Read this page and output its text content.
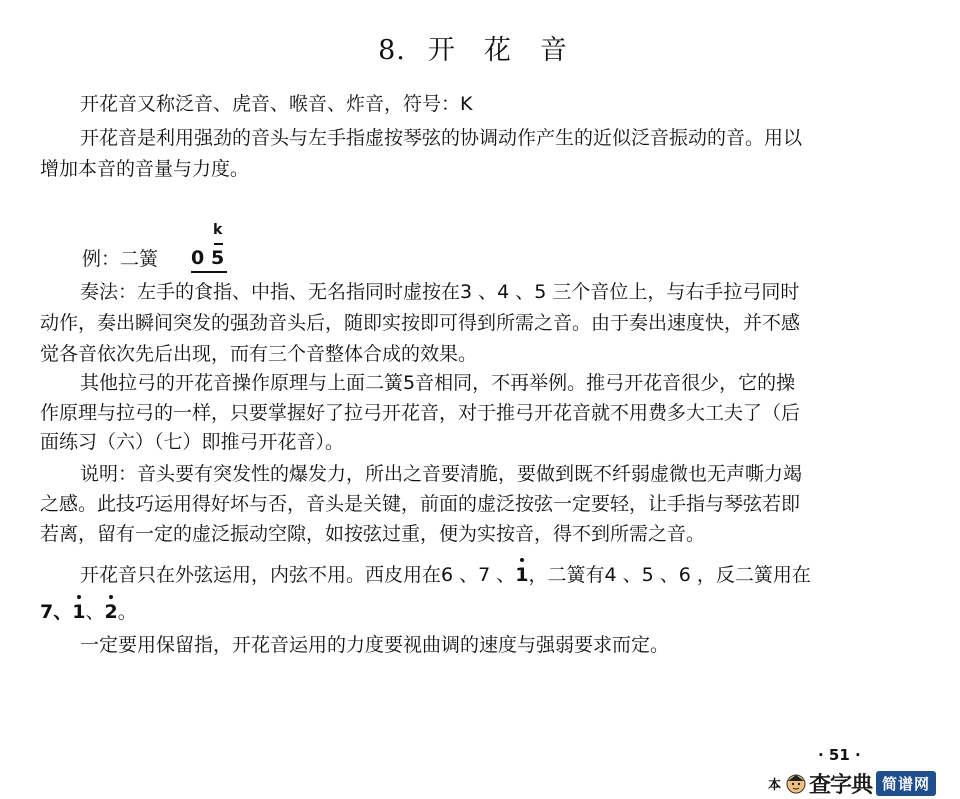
8. 开 花 音
开花音又称泛音、虎音、喉音、炸音，符号：K
开花音是利用强劲的音头与左手指虚按琴弦的协调动作产生的近似泛音振动的音。用以
增加本音的音量与力度。
例：二簧
k
0 5
奏法：左手的食指、中指、无名指同时虚按在3 、4 、5 三个音位上，与右手拉弓同时
动作，奏出瞬间突发的强劲音头后，随即实按即可得到所需之音。由于奏出速度快，并不感
觉各音依次先后出现，而有三个音整体合成的效果。
其他拉弓的开花音操作原理与上面二簧5音相同，不再举例。推弓开花音很少，它的操
作原理与拉弓的一样，只要掌握好了拉弓开花音，对于推弓开花音就不用费多大工夫了（后
面练习（六）（七）即推弓开花音）。
说明：音头要有突发性的爆发力，所出之音要清脆，要做到既不纤弱虚微也无声嘶力竭
之感。此技巧运用得好坏与否，音头是关键，前面的虚泛按弦一定要轻，让手指与琴弦若即
若离，留有一定的虚泛振动空隙，如按弦过重，便为实按音，得不到所需之音。
开花音只在外弦运用，内弦不用。西皮用在6 、7 、1，二簧有4 、5 、6 ，反二簧用在
7、1、2。
一定要用保留指，开花音运用的力度要视曲调的速度与强弱要求而定。
· 51 ·
本 查字典 简谱网
